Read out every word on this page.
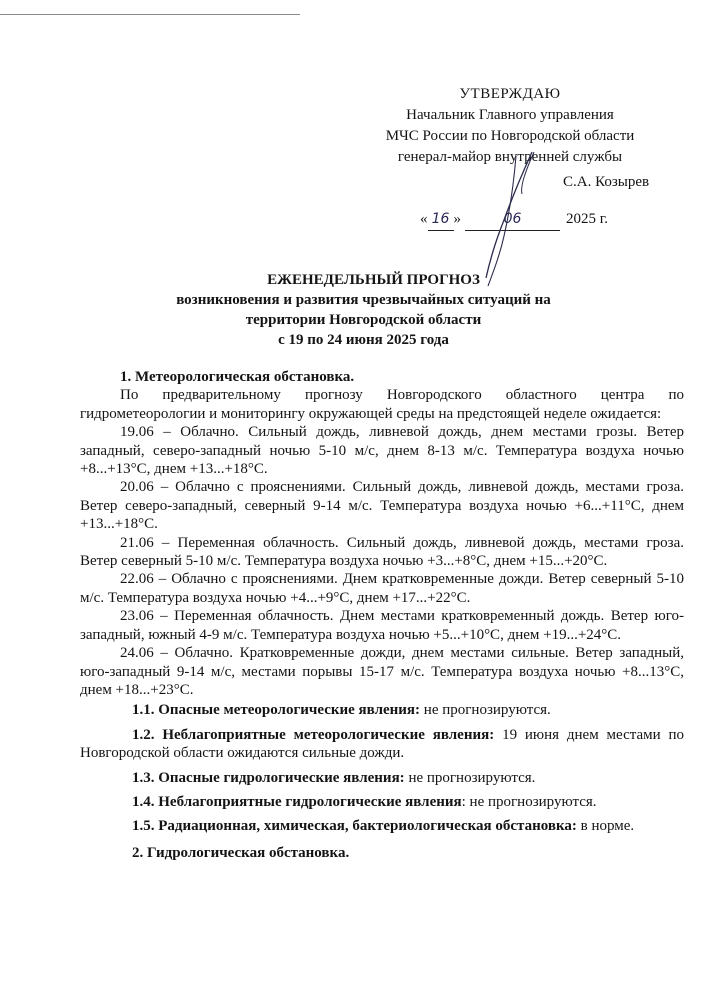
УТВЕРЖДАЮ
Начальник Главного управления
МЧС России по Новгородской области
генерал-майор внутренней службы
С.А. Козырев
« 16 »	06	2025 г.
ЕЖЕНЕДЕЛЬНЫЙ ПРОГНОЗ
возникновения и развития чрезвычайных ситуаций на
территории Новгородской области
с 19 по 24 июня 2025 года

1. Метеорологическая обстановка.

По предварительному прогнозу Новгородского областного центра по гидрометеорологии и мониторингу окружающей среды на предстоящей неделе ожидается:

19.06 – Облачно. Сильный дождь, ливневой дождь, днем местами грозы. Ветер западный, северо-западный ночью 5-10 м/с, днем 8-13 м/с. Температура воздуха ночью +8...+13°С, днем +13...+18°С.

20.06 – Облачно с прояснениями. Сильный дождь, ливневой дождь, местами гроза. Ветер северо-западный, северный 9-14 м/с. Температура воздуха ночью +6...+11°С, днем +13...+18°С.

21.06 – Переменная облачность. Сильный дождь, ливневой дождь, местами гроза. Ветер северный 5-10 м/с. Температура воздуха ночью +3...+8°С, днем +15...+20°С.

22.06 – Облачно с прояснениями. Днем кратковременные дожди. Ветер северный 5-10 м/с. Температура воздуха ночью +4...+9°С, днем +17...+22°С.

23.06 – Переменная облачность. Днем местами кратковременный дождь. Ветер юго-западный, южный 4-9 м/с. Температура воздуха ночью +5...+10°С, днем +19...+24°С.

24.06 – Облачно. Кратковременные дожди, днем местами сильные. Ветер западный, юго-западный 9-14 м/с, местами порывы 15-17 м/с. Температура воздуха ночью +8...13°С, днем +18...+23°С.

1.1. Опасные метеорологические явления: не прогнозируются.

1.2. Неблагоприятные метеорологические явления: 19 июня днем местами по Новгородской области ожидаются сильные дожди.

1.3. Опасные гидрологические явления: не прогнозируются.

1.4. Неблагоприятные гидрологические явления: не прогнозируются.

1.5. Радиационная, химическая, бактериологическая обстановка: в норме.

2. Гидрологическая обстановка.
